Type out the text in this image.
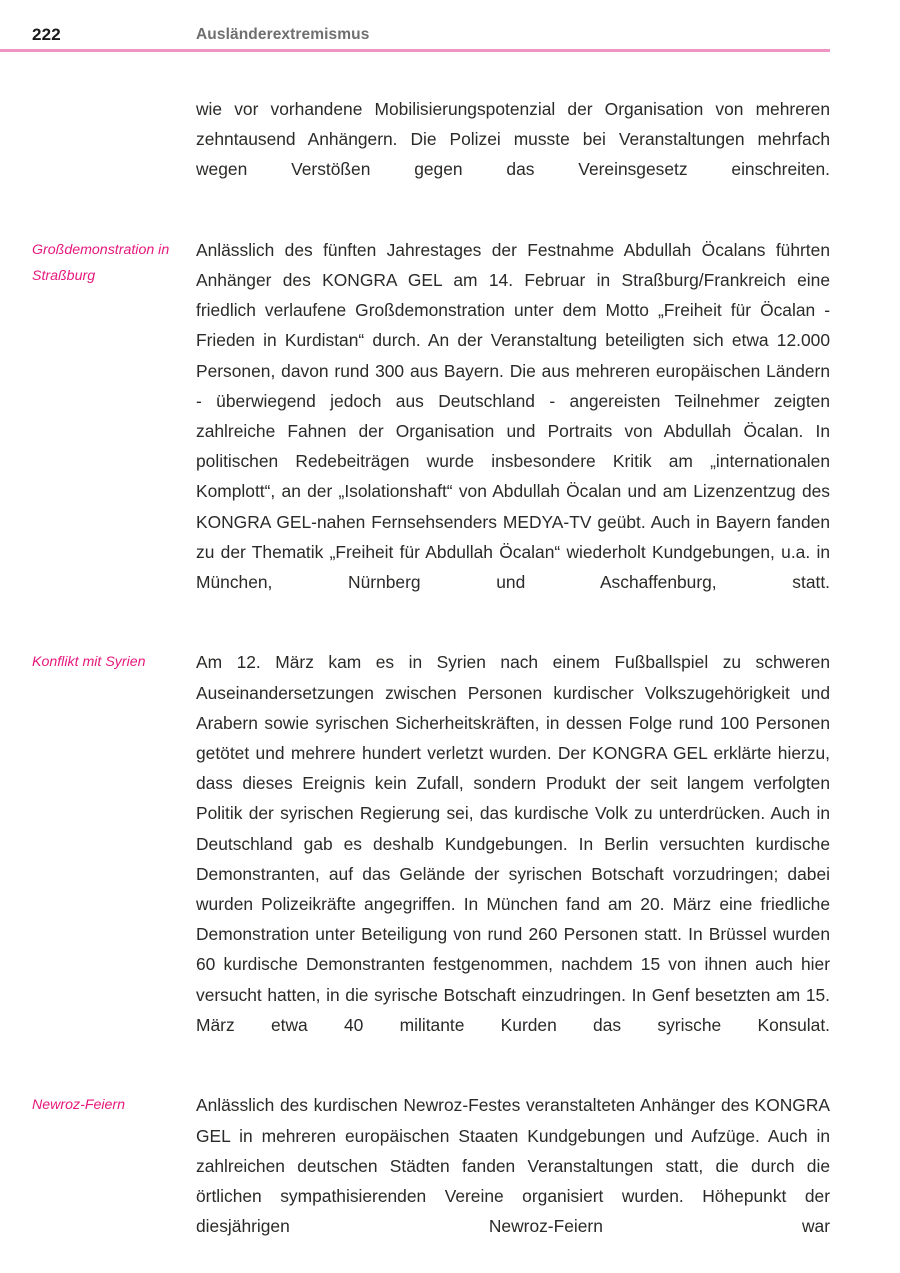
222	Ausländerextremismus
wie vor vorhandene Mobilisierungspotenzial der Organisation von mehreren zehntausend Anhängern. Die Polizei musste bei Veranstaltungen mehrfach wegen Verstößen gegen das Vereinsgesetz einschreiten.
Großdemonstration in Straßburg
Anlässlich des fünften Jahrestages der Festnahme Abdullah Öcalans führten Anhänger des KONGRA GEL am 14. Februar in Straßburg/Frankreich eine friedlich verlaufene Großdemonstration unter dem Motto „Freiheit für Öcalan - Frieden in Kurdistan“ durch. An der Veranstaltung beteiligten sich etwa 12.000 Personen, davon rund 300 aus Bayern. Die aus mehreren europäischen Ländern - überwiegend jedoch aus Deutschland - angereisten Teilnehmer zeigten zahlreiche Fahnen der Organisation und Portraits von Abdullah Öcalan. In politischen Redebeiträgen wurde insbesondere Kritik am „internationalen Komplott“, an der „Isolationshaft“ von Abdullah Öcalan und am Lizenzentzug des KONGRA GEL-nahen Fernsehsenders MEDYA-TV geübt. Auch in Bayern fanden zu der Thematik „Freiheit für Abdullah Öcalan“ wiederholt Kundgebungen, u.a. in München, Nürnberg und Aschaffenburg, statt.
Konflikt mit Syrien	Am 12. März kam es in Syrien nach einem Fußballspiel zu schweren Auseinandersetzungen zwischen Personen kurdischer Volkszugehörigkeit und Arabern sowie syrischen Sicherheitskräften, in dessen Folge rund 100 Personen getötet und mehrere hundert verletzt wurden. Der KONGRA GEL erklärte hierzu, dass dieses Ereignis kein Zufall, sondern Produkt der seit langem verfolgten Politik der syrischen Regierung sei, das kurdische Volk zu unterdrücken. Auch in Deutschland gab es deshalb Kundgebungen. In Berlin versuchten kurdische Demonstranten, auf das Gelände der syrischen Botschaft vorzudringen; dabei wurden Polizeikräfte angegriffen. In München fand am 20. März eine friedliche Demonstration unter Beteiligung von rund 260 Personen statt. In Brüssel wurden 60 kurdische Demonstranten festgenommen, nachdem 15 von ihnen auch hier versucht hatten, in die syrische Botschaft einzudringen. In Genf besetzten am 15. März etwa 40 militante Kurden das syrische Konsulat.
Newroz-Feiern	Anlässlich des kurdischen Newroz-Festes veranstalteten Anhänger des KONGRA GEL in mehreren europäischen Staaten Kundgebungen und Aufzüge. Auch in zahlreichen deutschen Städten fanden Veranstaltungen statt, die durch die örtlichen sympathisierenden Vereine organisiert wurden. Höhepunkt der diesjährigen Newroz-Feiern war
